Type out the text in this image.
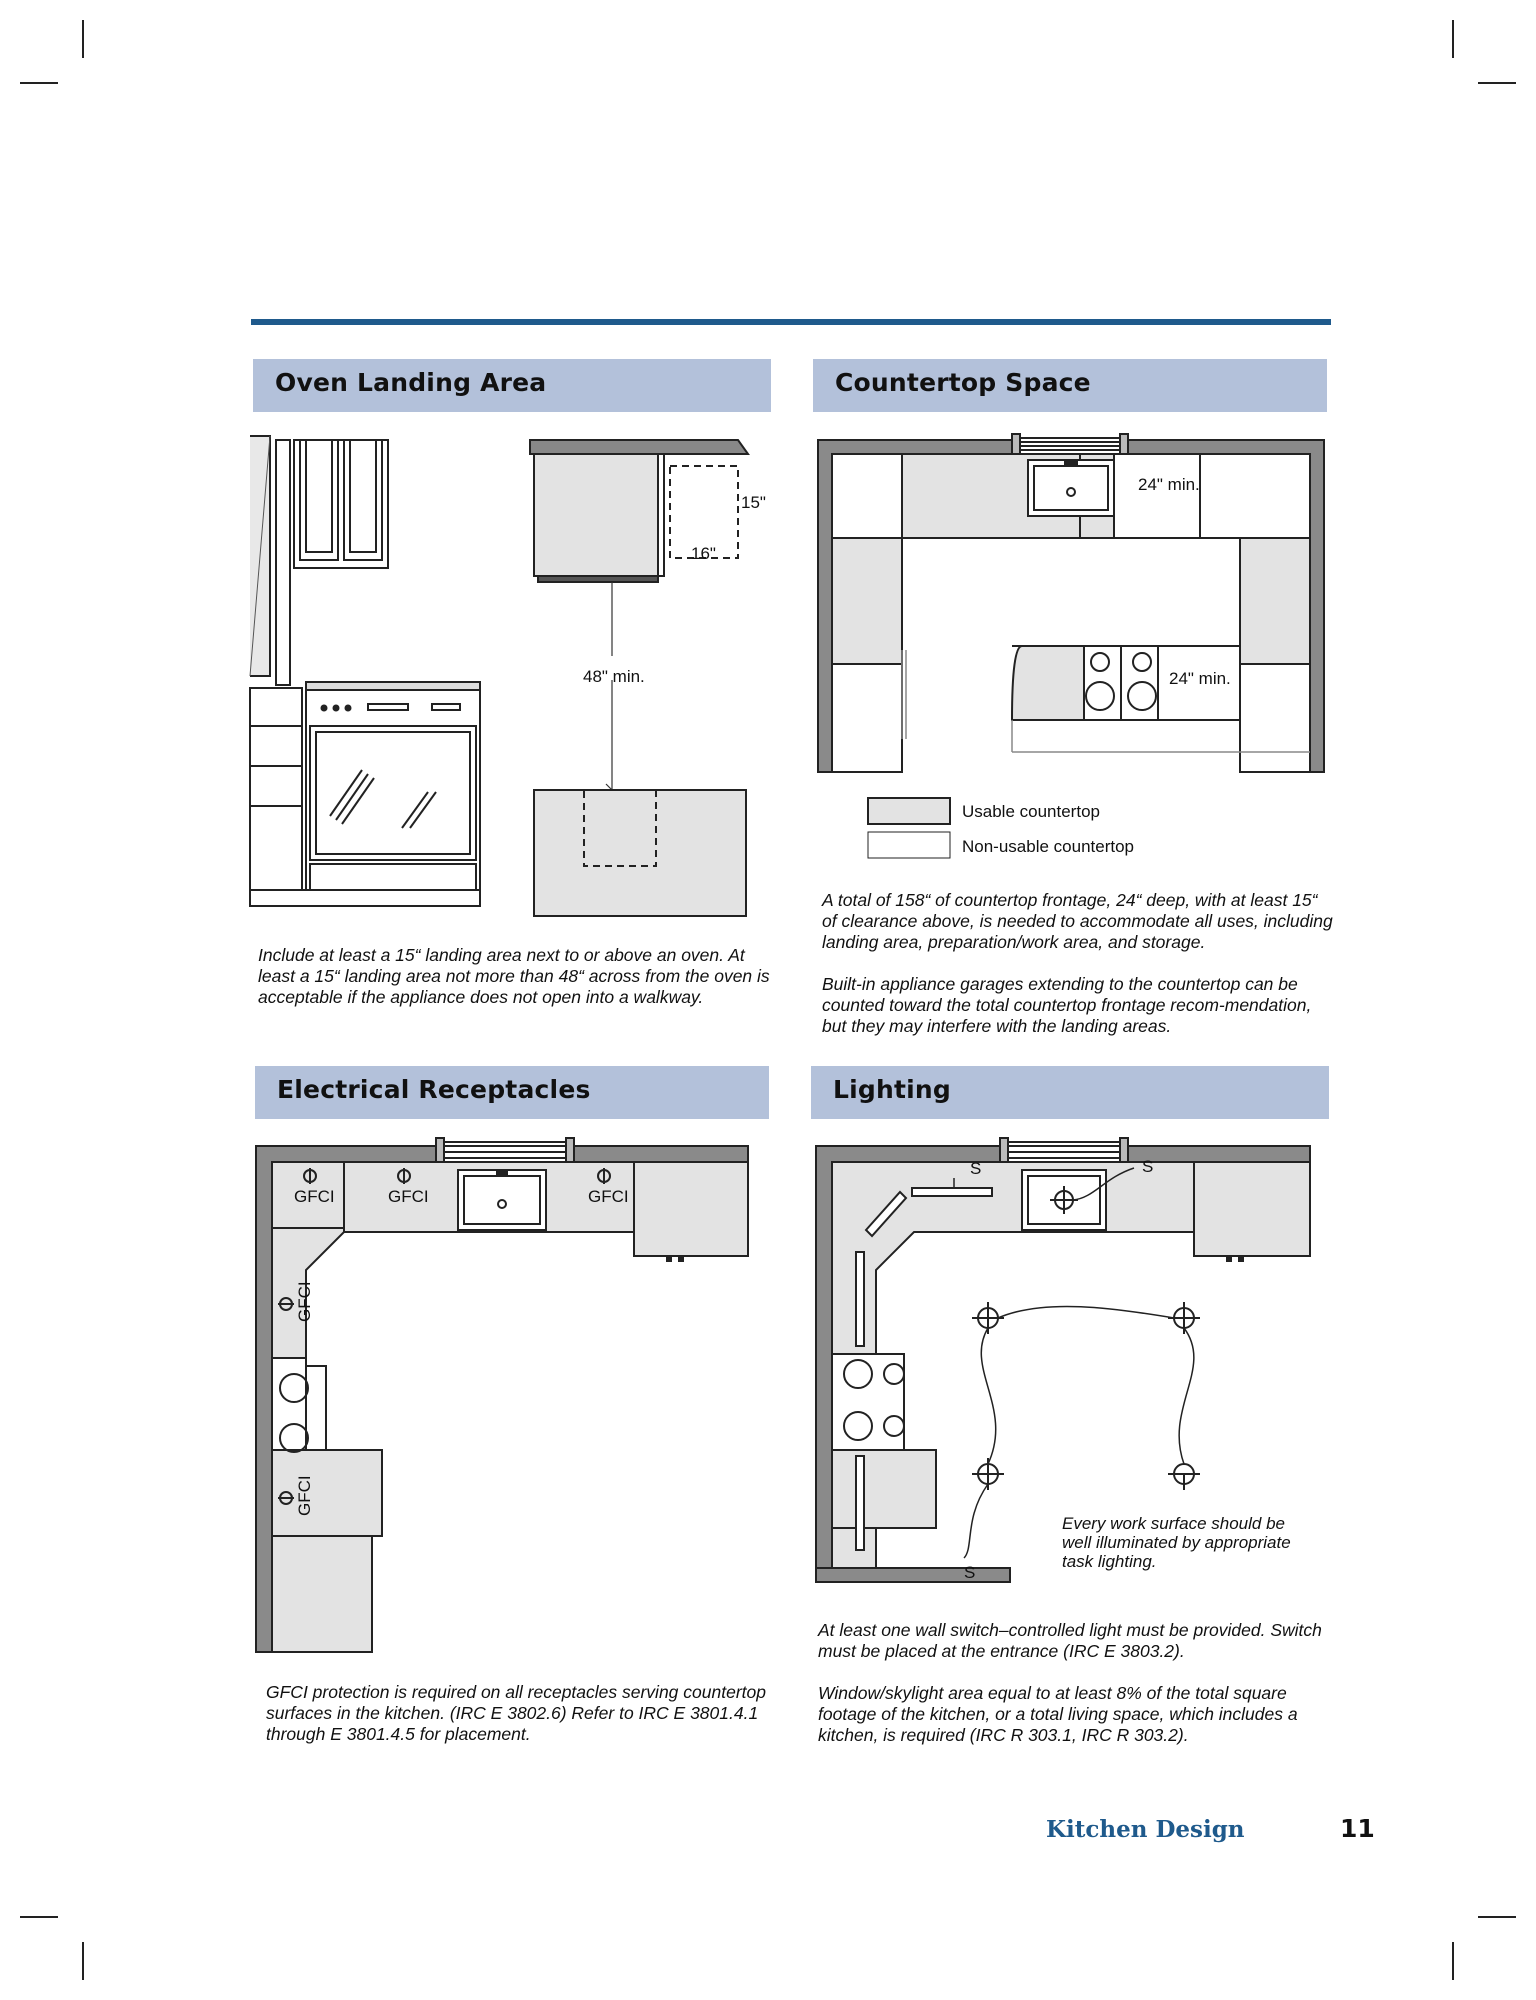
Oven Landing Area
15"
16"
48" min.

Include at least a 15“ landing area next to or above an oven. At least a 15“ landing area not more than 48“ across from the oven is acceptable if the appliance does not open into a walkway.

Countertop Space
24" min.
24" min.
Usable countertop
Non-usable countertop

A total of 158“ of countertop frontage, 24“ deep, with at least 15“ of clearance above, is needed to accommodate all uses, including landing area, preparation/work area, and storage.

Built-in appliance garages extending to the countertop can be counted toward the total countertop frontage recom-mendation, but they may interfere with the landing areas.

Electrical Receptacles
GFCI	GFCI	GFCI
GFCI
GFCI

GFCI protection is required on all receptacles serving countertop surfaces in the kitchen. (IRC E 3802.6) Refer to IRC E 3801.4.1 through E 3801.4.5 for placement.

Lighting
S	S
S

Every work surface should be well illuminated by appropriate task lighting.

At least one wall switch–controlled light must be provided. Switch must be placed at the entrance (IRC E 3803.2).

Window/skylight area equal to at least 8% of the total square footage of the kitchen, or a total living space, which includes a kitchen, is required (IRC R 303.1, IRC R 303.2).

Kitchen Design	11
